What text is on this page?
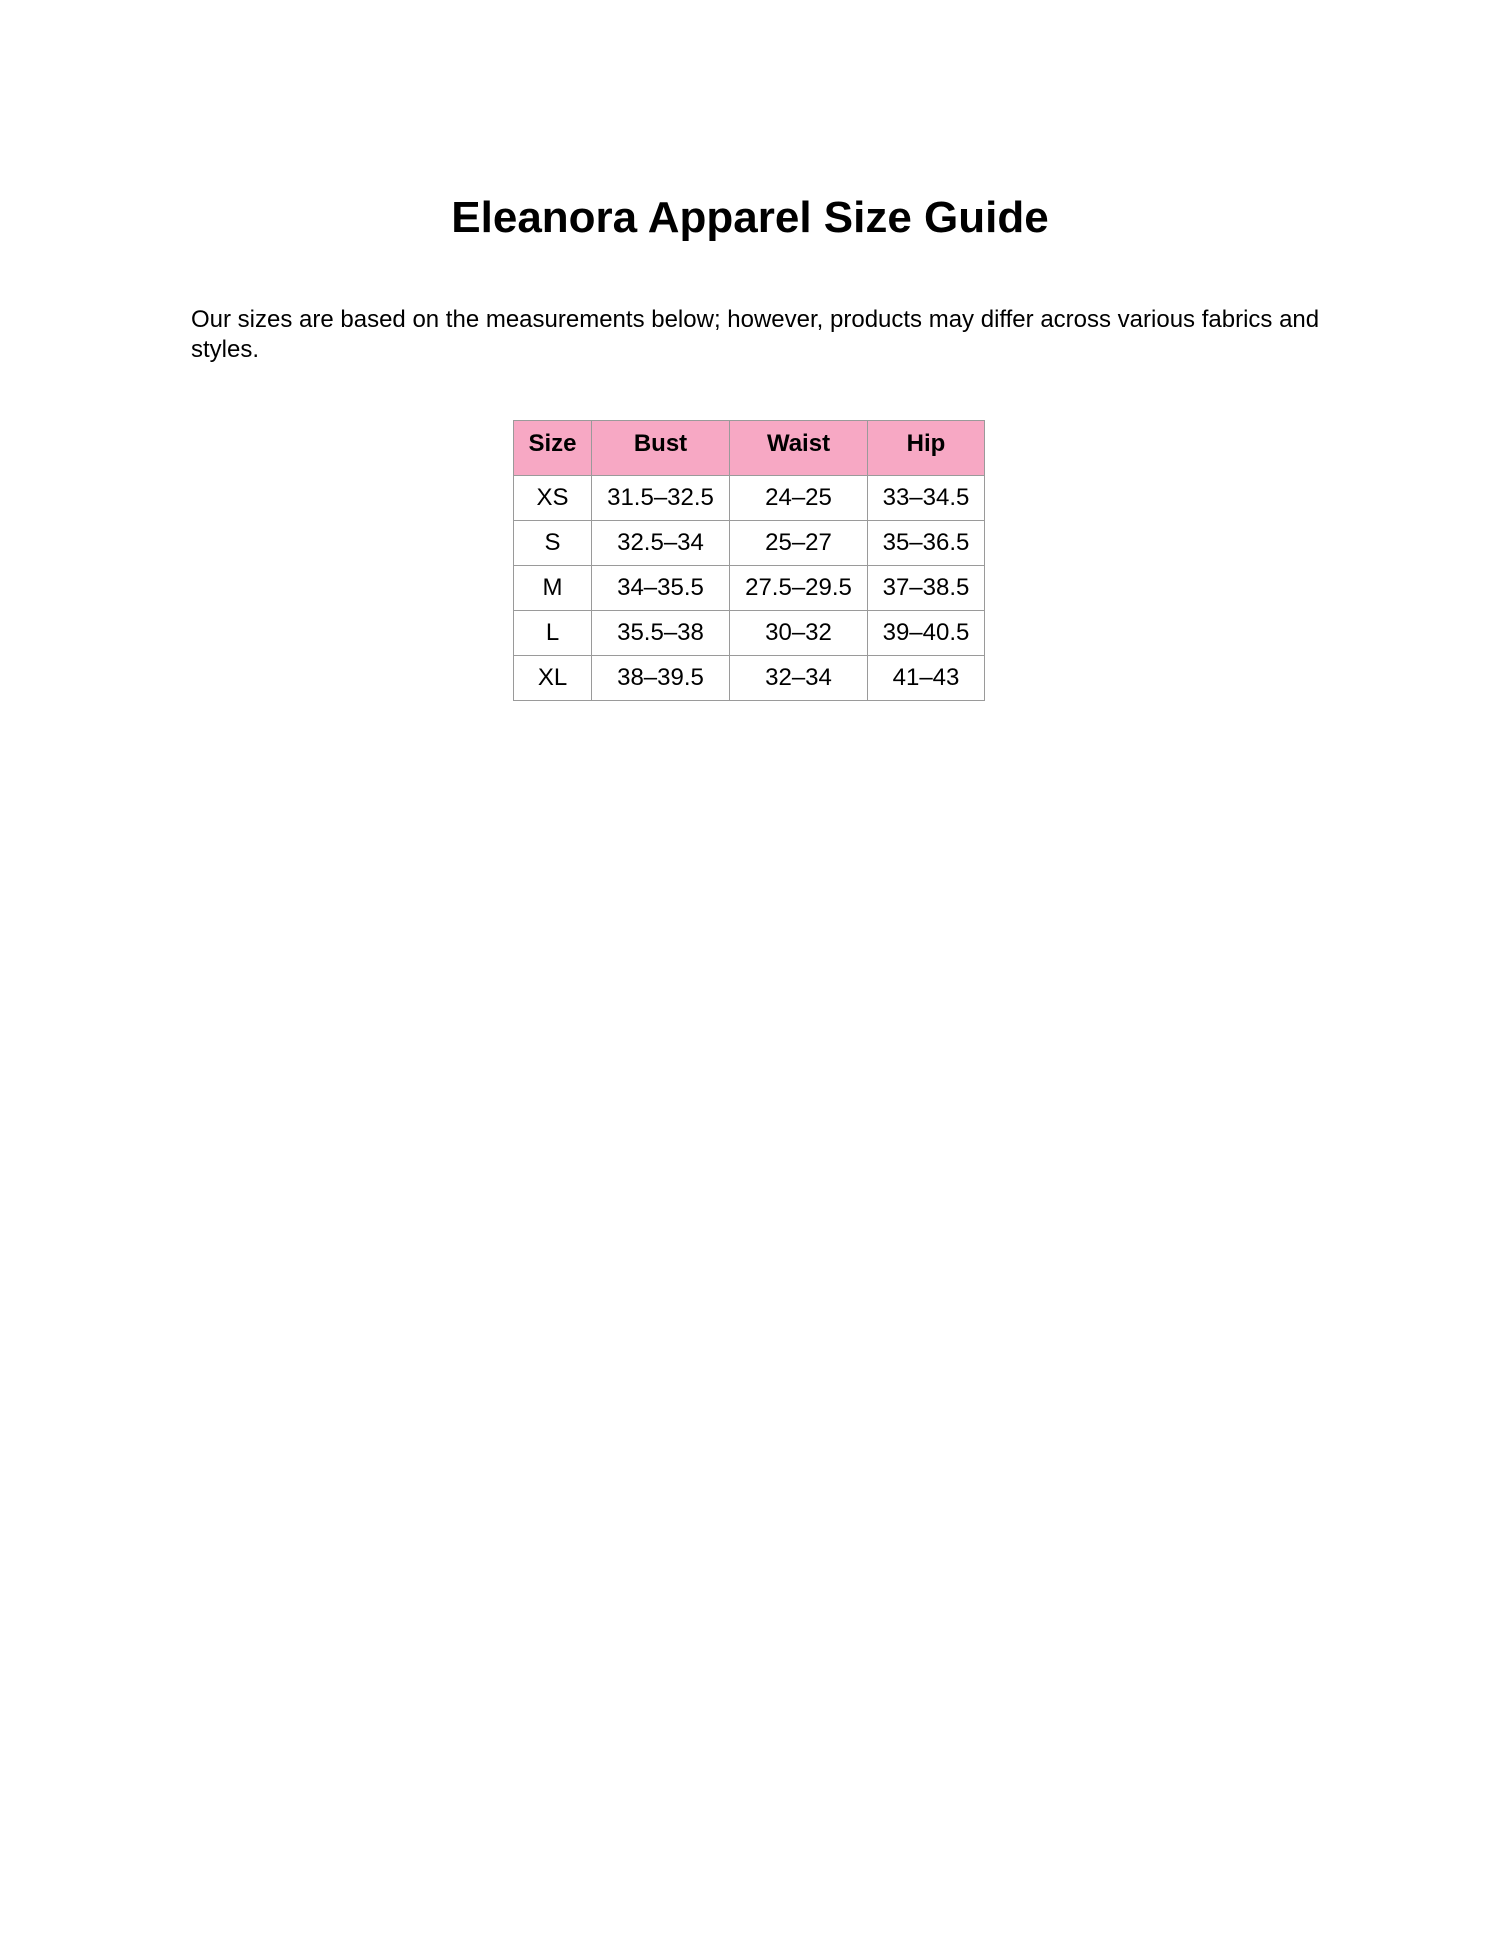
Eleanora Apparel Size Guide

Our sizes are based on the measurements below; however, products may differ across various fabrics and styles.

Size	Bust	Waist	Hip
XS	31.5–32.5	24–25	33–34.5
S	32.5–34	25–27	35–36.5
M	34–35.5	27.5–29.5	37–38.5
L	35.5–38	30–32	39–40.5
XL	38–39.5	32–34	41–43
